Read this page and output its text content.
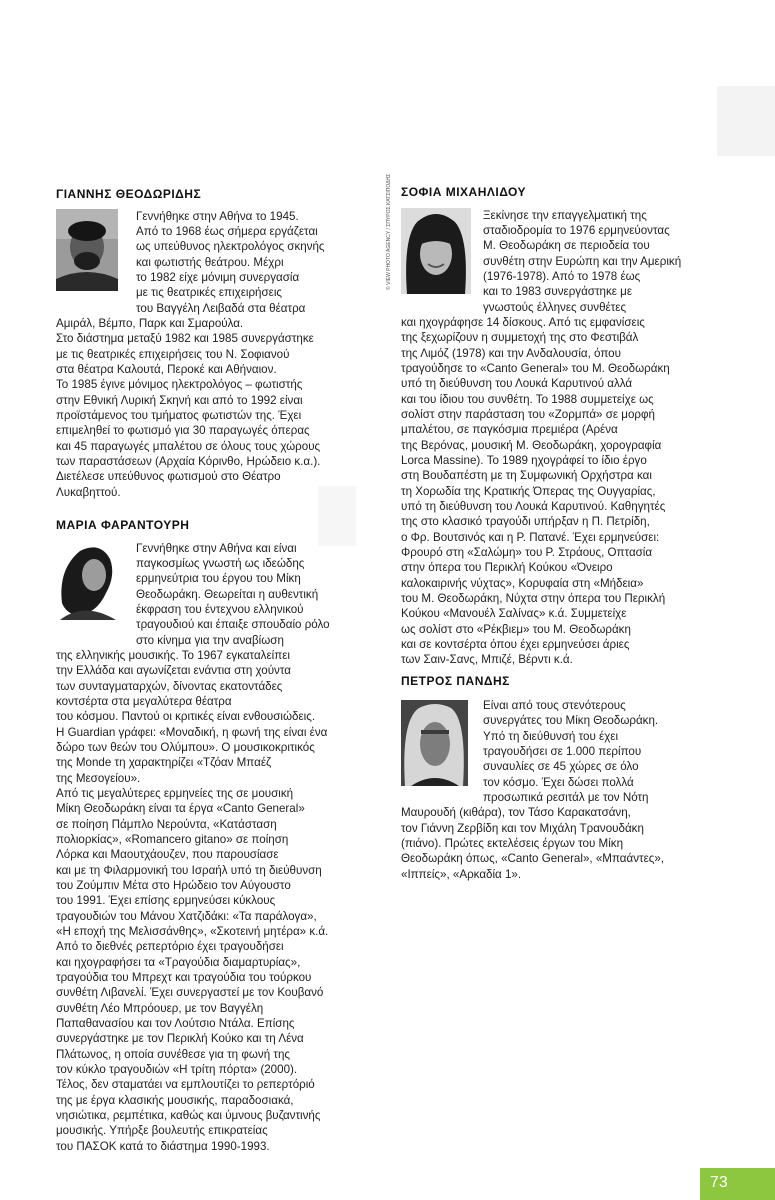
ΓΙΑΝΝΗΣ ΘΕΟΔΩΡΙΔΗΣ
Γεννήθηκε στην Αθήνα το 1945.
Από το 1968 έως σήμερα εργάζεται
ως υπεύθυνος ηλεκτρολόγος σκηνής
και φωτιστής θεάτρου. Μέχρι
το 1982 είχε μόνιμη συνεργασία
με τις θεατρικές επιχειρήσεις
του Βαγγέλη Λειβαδά στα θέατρα
Αμιράλ, Βέμπο, Παρκ και Σμαρούλα.
Στο διάστημα μεταξύ 1982 και 1985 συνεργάστηκε
με τις θεατρικές επιχειρήσεις του Ν. Σοφιανού
στα θέατρα Καλουτά, Περοκέ και Αθήναιον.
Το 1985 έγινε μόνιμος ηλεκτρολόγος – φωτιστής
στην Εθνική Λυρική Σκηνή και από το 1992 είναι
προϊστάμενος του τμήματος φωτιστών της. Έχει
επιμεληθεί το φωτισμό για 30 παραγωγές όπερας
και 45 παραγωγές μπαλέτου σε όλους τους χώρους
των παραστάσεων (Αρχαία Κόρινθο, Ηρώδειο κ.α.).
Διετέλεσε υπεύθυνος φωτισμού στο Θέατρο
Λυκαβηττού.
ΜΑΡΙΑ ΦΑΡΑΝΤΟΥΡΗ
Γεννήθηκε στην Αθήνα και είναι
παγκοσμίως γνωστή ως ιδεώδης
ερμηνεύτρια του έργου του Μίκη
Θεοδωράκη. Θεωρείται η αυθεντική
έκφραση του έντεχνου ελληνικού
τραγουδιού και έπαιξε σπουδαίο ρόλο
στο κίνημα για την αναβίωση
της ελληνικής μουσικής. Το 1967 εγκαταλείπει
την Ελλάδα και αγωνίζεται ενάντια στη χούντα
των συνταγματαρχών, δίνοντας εκατοντάδες
κοντσέρτα στα μεγαλύτερα θέατρα
του κόσμου. Παντού οι κριτικές είναι ενθουσιώδεις.
Η Guardian γράφει: «Μοναδική, η φωνή της είναι ένα
δώρο των θεών του Ολύμπου». Ο μουσικοκριτικός
της Monde τη χαρακτηρίζει «Τζόαν Μπαέζ
της Μεσογείου».
Από τις μεγαλύτερες ερμηνείες της σε μουσική
Μίκη Θεοδωράκη είναι τα έργα «Canto General»
σε ποίηση Πάμπλο Νερούντα, «Κατάσταση
πολιορκίας», «Romancero gitano» σε ποίηση
Λόρκα και Μαουτχάουζεν, που παρουσίασε
και με τη Φιλαρμονική του Ισραήλ υπό τη διεύθυνση
του Ζούμπιν Μέτα στο Ηρώδειο τον Αύγουστο
του 1991. Έχει επίσης ερμηνεύσει κύκλους
τραγουδιών του Μάνου Χατζιδάκι: «Τα παράλογα»,
«Η εποχή της Μελισσάνθης», «Σκοτεινή μητέρα» κ.ά.
Από το διεθνές ρεπερτόριο έχει τραγουδήσει
και ηχογραφήσει τα «Τραγούδια διαμαρτυρίας»,
τραγούδια του Μπρεχτ και τραγούδια του τούρκου
συνθέτη Λιβανελί. Έχει συνεργαστεί με τον Κουβανό
συνθέτη Λέο Μπρόουερ, με τον Βαγγέλη
Παπαθανασίου και τον Λούτσιο Ντάλα. Επίσης
συνεργάστηκε με τον Περικλή Κούκο και τη Λένα
Πλάτωνος, η οποία συνέθεσε για τη φωνή της
τον κύκλο τραγουδιών «Η τρίτη πόρτα» (2000).
Τέλος, δεν σταματάει να εμπλουτίζει το ρεπερτόριό
της με έργα κλασικής μουσικής, παραδοσιακά,
νησιώτικα, ρεμπέτικα, καθώς και ύμνους βυζαντινής
μουσικής. Υπήρξε βουλευτής επικρατείας
του ΠΑΣΟΚ κατά το διάστημα 1990-1993.
ΣΟΦΙΑ ΜΙΧΑΗΛΙΔΟΥ
© VIEW PHOTO AGENCY / ΣΠΥΡΟΣ ΚΑΤΣΙΠΟΔΗΣ	Ξεκίνησε την επαγγελματική της
σταδιοδρομία το 1976 ερμηνεύοντας
Μ. Θεοδωράκη σε περιοδεία του
συνθέτη στην Ευρώπη και την Αμερική
(1976-1978). Από το 1978 έως
και το 1983 συνεργάστηκε με
γνωστούς έλληνες συνθέτες
και ηχογράφησε 14 δίσκους. Από τις εμφανίσεις
της ξεχωρίζουν η συμμετοχή της στο Φεστιβάλ
της Λιμόζ (1978) και την Ανδαλουσία, όπου
τραγούδησε το «Canto General» του Μ. Θεοδωράκη
υπό τη διεύθυνση του Λουκά Καρυτινού αλλά
και του ίδιου του συνθέτη. Το 1988 συμμετείχε ως
σολίστ στην παράσταση του «Ζορμπά» σε μορφή
μπαλέτου, σε παγκόσμια πρεμιέρα (Αρένα
της Βερόνας, μουσική Μ. Θεοδωράκη, χορογραφία
Lorca Massine). Το 1989 ηχογράφεί το ίδιο έργο
στη Βουδαπέστη με τη Συμφωνική Ορχήστρα και
τη Χορωδία της Κρατικής Όπερας της Ουγγαρίας,
υπό τη διεύθυνση του Λουκά Καρυτινού. Καθηγητές
της στο κλασικό τραγούδι υπήρξαν η Π. Πετρίδη,
ο Φρ. Βουτσινός και η Ρ. Πατανέ. Έχει ερμηνεύσει:
Φρουρό στη «Σαλώμη» του Ρ. Στράους, Οπτασία
στην όπερα του Περικλή Κούκου «Όνειρο
καλοκαιρινής νύχτας», Κορυφαία στη «Μήδεια»
του Μ. Θεοδωράκη, Νύχτα στην όπερα του Περικλή
Κούκου «Μανουέλ Σαλίνας» κ.ά. Συμμετείχε
ως σολίστ στο «Ρέκβιεμ» του Μ. Θεοδωράκη
και σε κοντσέρτα όπου έχει ερμηνεύσει άριες
των Σαιν-Σανς, Μπιζέ, Βέρντι κ.ά.
ΠΕΤΡΟΣ ΠΑΝΔΗΣ
Είναι από τους στενότερους
συνεργάτες του Μίκη Θεοδωράκη.
Υπό τη διεύθυνσή του έχει
τραγουδήσει σε 1.000 περίπου
συναυλίες σε 45 χώρες σε όλο
τον κόσμο. Έχει δώσει πολλά
προσωπικά ρεσιτάλ με τον Νότη
Μαυρουδή (κιθάρα), τον Τάσο Καρακατσάνη,
τον Γιάννη Ζερβίδη και τον Μιχάλη Τρανουδάκη
(πιάνο). Πρώτες εκτελέσεις έργων του Μίκη
Θεοδωράκη όπως, «Canto General», «Μπαάντες»,
«Ιππείς», «Αρκαδία 1».
73
